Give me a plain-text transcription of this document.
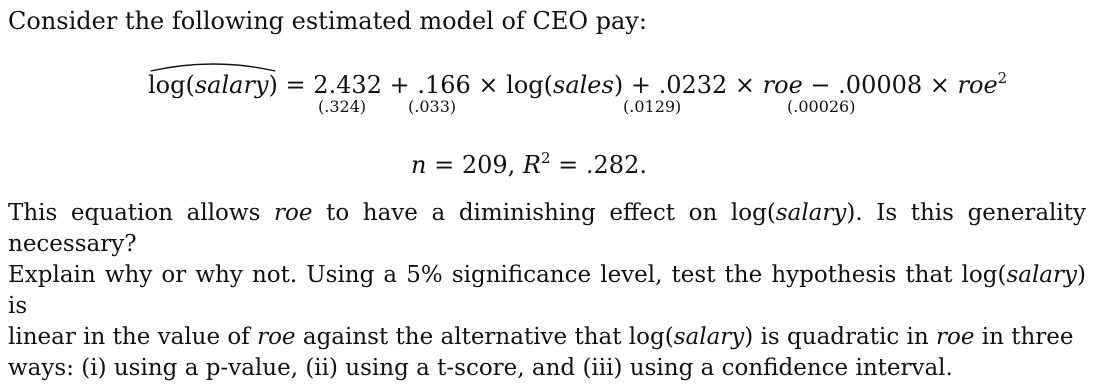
Consider the following estimated model of CEO pay:
log(salary) = 2.432 + .166 × log(sales) + .0232 × roe − .00008 × roe$^2$
(.324)	(.033)	(.0129)	(.00026)
n = 209, $R^2 = .282$.
This equation allows roe to have a diminishing effect on log(salary). Is this generality necessary?
Explain why or why not. Using a 5% significance level, test the hypothesis that log(salary) is
linear in the value of roe against the alternative that log(salary) is quadratic in roe in three
ways: (i) using a p-value, (ii) using a t-score, and (iii) using a confidence interval.
